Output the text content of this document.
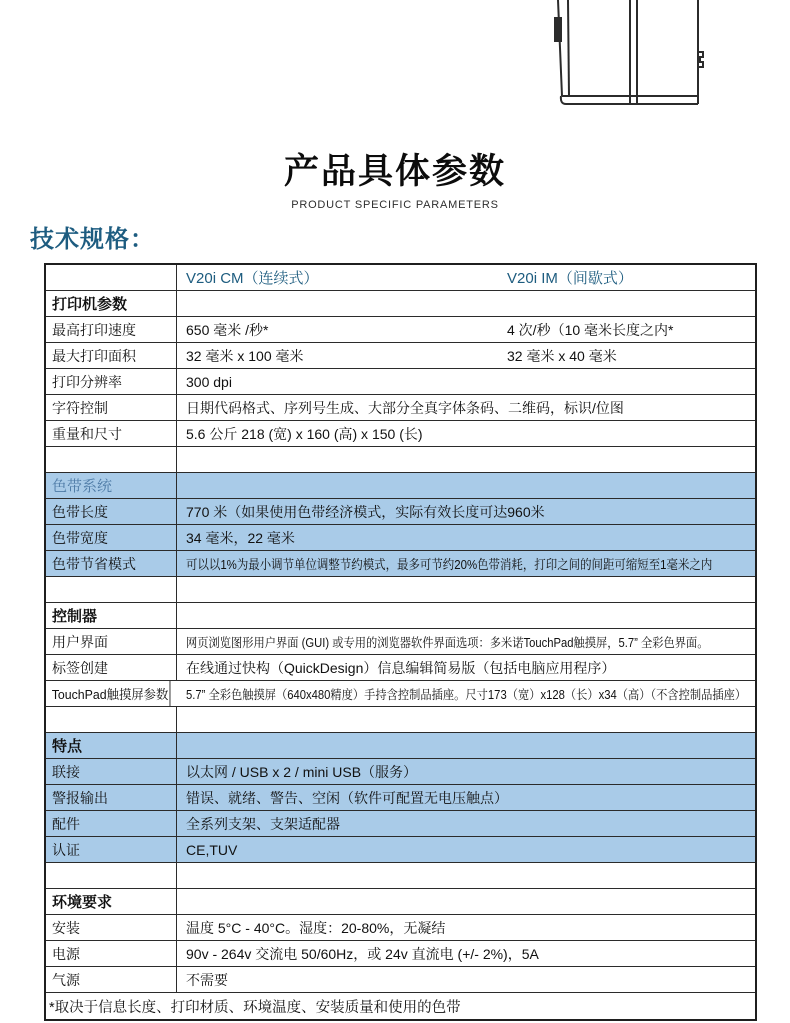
产品具体参数
PRODUCT SPECIFIC PARAMETERS
技术规格：
V20i CM（连续式）	V20i IM（间歇式）
打印机参数
最高打印速度	650 毫米 /秒*	4 次/秒（10 毫米长度之内*
最大打印面积	32 毫米 x 100 毫米	32 毫米 x 40 毫米
打印分辨率	300 dpi
字符控制	日期代码格式、序列号生成、大部分全真字体条码、二维码，标识/位图
重量和尺寸	5.6 公斤 218 (宽) x 160 (高) x 150 (长)
色带系统
色带长度	770 米（如果使用色带经济模式，实际有效长度可达960米
色带宽度	34 毫米，22 毫米
色带节省模式	可以以1%为最小调节单位调整节约模式，最多可节约20%色带消耗，打印之间的间距可缩短至1毫米之内
控制器
用户界面	网页浏览图形用户界面 (GUI) 或专用的浏览器软件界面选项：多米诺TouchPad触摸屏，5.7” 全彩色界面。
标签创建	在线通过快构（QuickDesign）信息编辑简易版（包括电脑应用程序）
TouchPad触摸屏参数 5.7” 全彩色触摸屏（640x480精度）手持含控制品插座。尺寸173（宽）x128（长）x34（高）（不含控制品插座）
特点
联接	以太网 / USB x 2 / mini USB（服务）
警报输出	错误、就绪、警告、空闲（软件可配置无电压触点）
配件	全系列支架、支架适配器
认证	CE,TUV
环境要求
安装	温度 5°C - 40°C。湿度：20-80%，无凝结
电源	90v - 264v 交流电 50/60Hz，或 24v 直流电 (+/- 2%)，5A
气源	不需要
*取决于信息长度、打印材质、环境温度、安装质量和使用的色带
